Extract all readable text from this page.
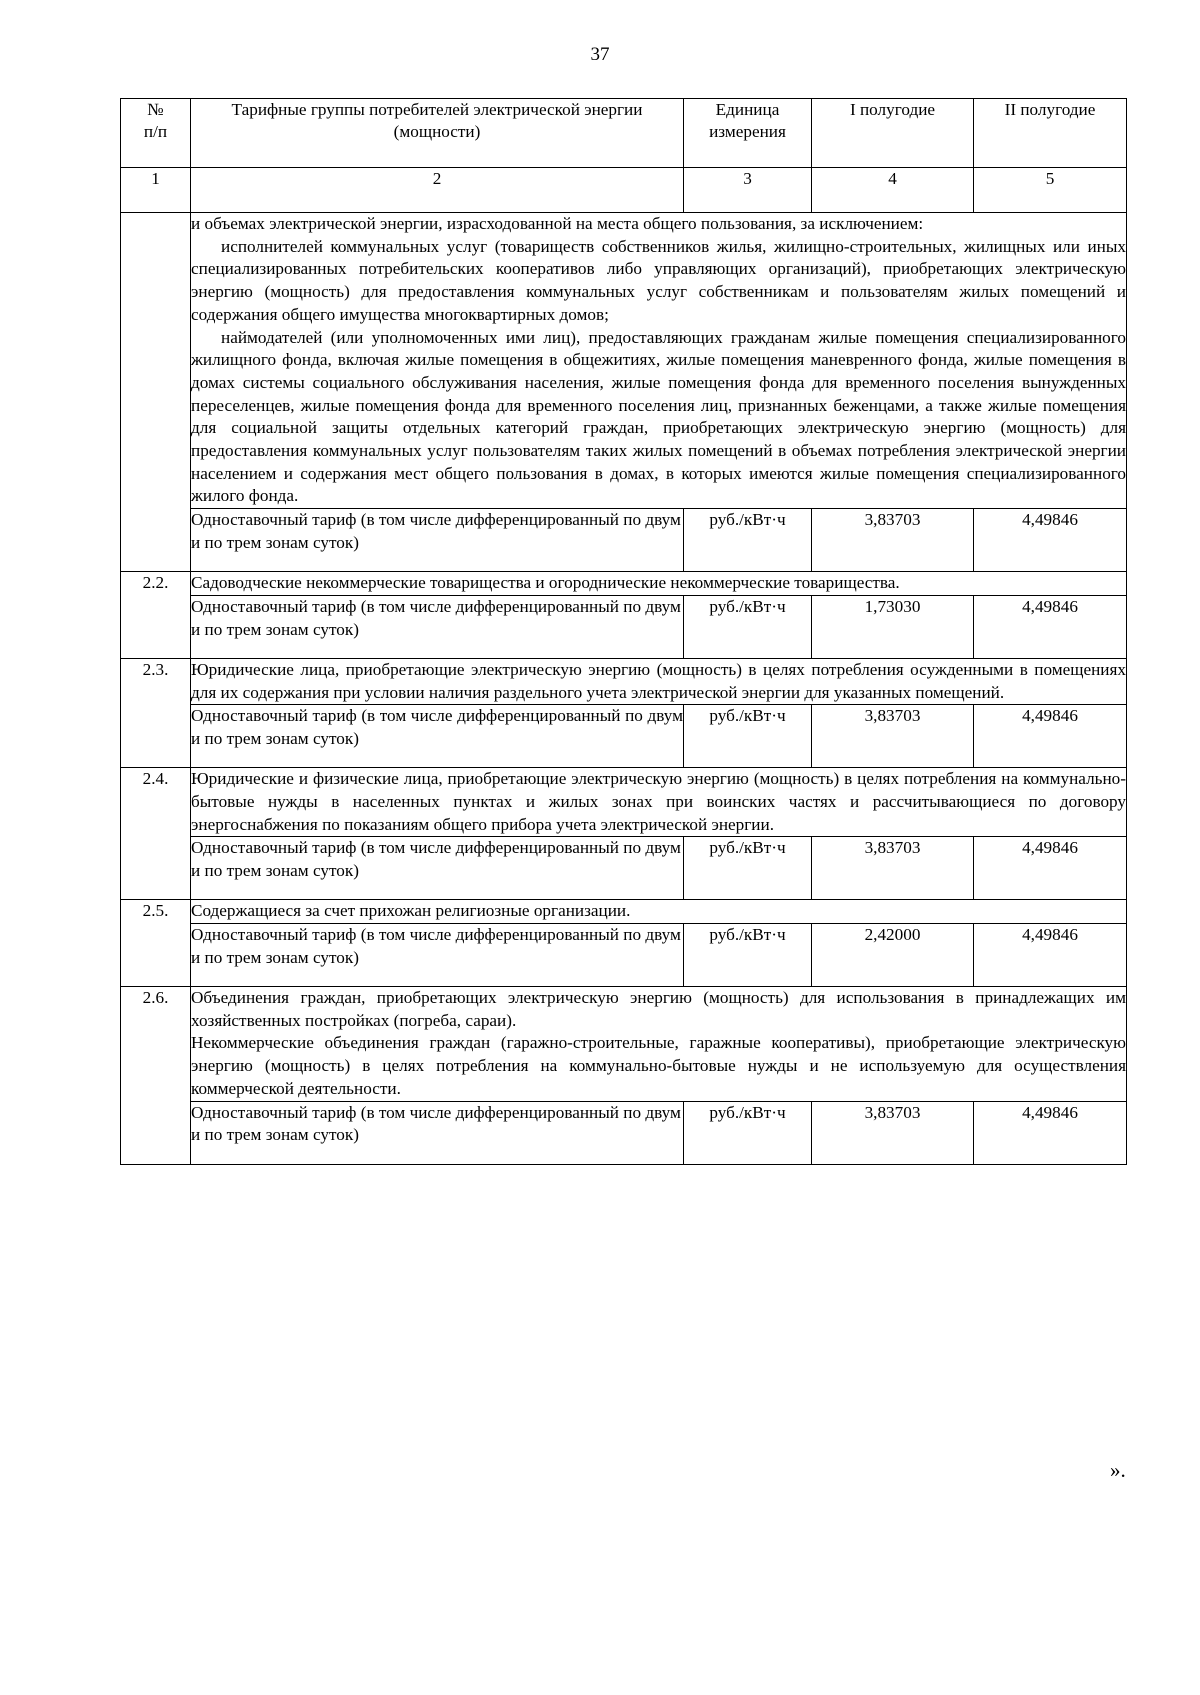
37
№
п/п	Тарифные группы потребителей электрической энергии (мощности)	Единица измерения	I полугодие	II полугодие
1	2	3	4	5

	и объемах электрической энергии, израсходованной на места общего пользования, за исключением:

исполнителей коммунальных услуг (товариществ собственников жилья, жилищно-строительных, жилищных или иных специализированных потребительских кооперативов либо управляющих организаций), приобретающих электрическую энергию (мощность) для предоставления коммунальных услуг собственникам и пользователям жилых помещений и содержания общего имущества многоквартирных домов;

наймодателей (или уполномоченных ими лиц), предоставляющих гражданам жилые помещения специализированного жилищного фонда, включая жилые помещения в общежитиях, жилые помещения маневренного фонда, жилые помещения в домах системы социального обслуживания населения, жилые помещения фонда для временного поселения вынужденных переселенцев, жилые помещения фонда для временного поселения лиц, признанных беженцами, а также жилые помещения для социальной защиты отдельных категорий граждан, приобретающих электрическую энергию (мощность) для предоставления коммунальных услуг пользователям таких жилых помещений в объемах потребления электрической энергии населением и содержания мест общего пользования в домах, в которых имеются жилые помещения специализированного жилого фонда.			

	Одноставочный тариф (в том числе дифференцированный по двум и по трем зонам суток)	руб./кВт·ч	3,83703	4,49846
2.2.	Садоводческие некоммерческие товарищества и огороднические некоммерческие товарищества.			

	Одноставочный тариф (в том числе дифференцированный по двум и по трем зонам суток)	руб./кВт·ч	1,73030	4,49846
2.3.	Юридические лица, приобретающие электрическую энергию (мощность) в целях потребления осужденными в помещениях для их содержания при условии наличия раздельного учета электрической энергии для указанных помещений.			

	Одноставочный тариф (в том числе дифференцированный по двум и по трем зонам суток)	руб./кВт·ч	3,83703	4,49846
2.4.	Юридические и физические лица, приобретающие электрическую энергию (мощность) в целях потребления на коммунально-бытовые нужды в населенных пунктах и жилых зонах при воинских частях и рассчитывающиеся по договору энергоснабжения по показаниям общего прибора учета электрической энергии.			

	Одноставочный тариф (в том числе дифференцированный по двум и по трем зонам суток)	руб./кВт·ч	3,83703	4,49846
2.5.	Содержащиеся за счет прихожан религиозные организации.			

	Одноставочный тариф (в том числе дифференцированный по двум и по трем зонам суток)	руб./кВт·ч	2,42000	4,49846
2.6.	Объединения граждан, приобретающих электрическую энергию (мощность) для использования в принадлежащих им хозяйственных постройках (погреба, сараи).

Некоммерческие объединения граждан (гаражно-строительные, гаражные кооперативы), приобретающие электрическую энергию (мощность) в целях потребления на коммунально-бытовые нужды и не используемую для осуществления коммерческой деятельности.			

	Одноставочный тариф (в том числе дифференцированный по двум и по трем зонам суток)	руб./кВт·ч	3,83703	4,49846
».
